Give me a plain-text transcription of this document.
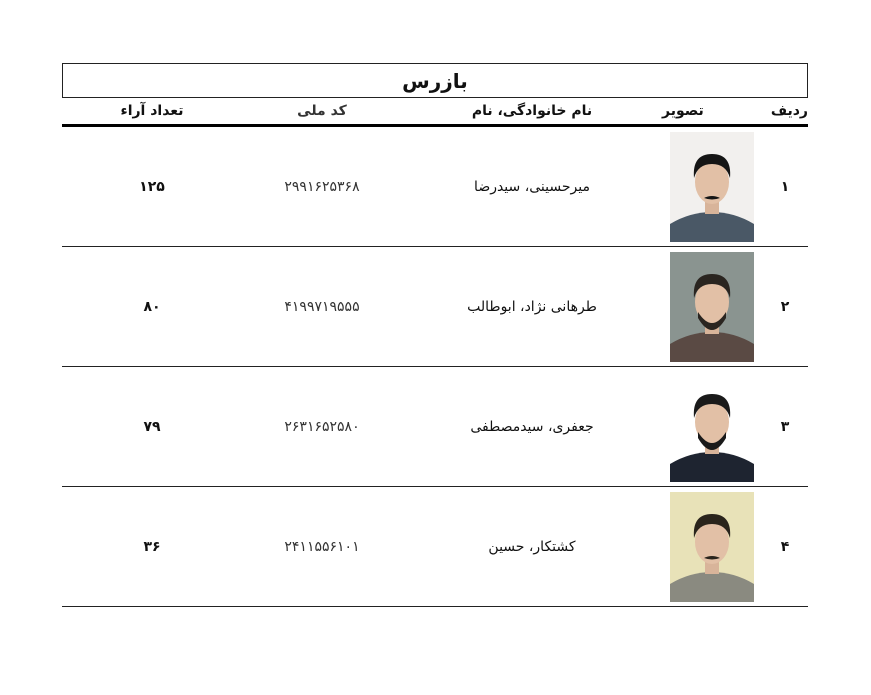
بازرس
ردیف
تصویر
نام خانوادگی، نام
کد ملی
تعداد آراء
۱
میرحسینی، سیدرضا
۲۹۹۱۶۲۵۳۶۸
۱۲۵
۲
طرهانی نژاد، ابوطالب
۴۱۹۹۷۱۹۵۵۵
۸۰
۳
جعفری، سیدمصطفی
۲۶۳۱۶۵۲۵۸۰
۷۹
۴
کشتکار، حسین
۲۴۱۱۵۵۶۱۰۱
۳۶
